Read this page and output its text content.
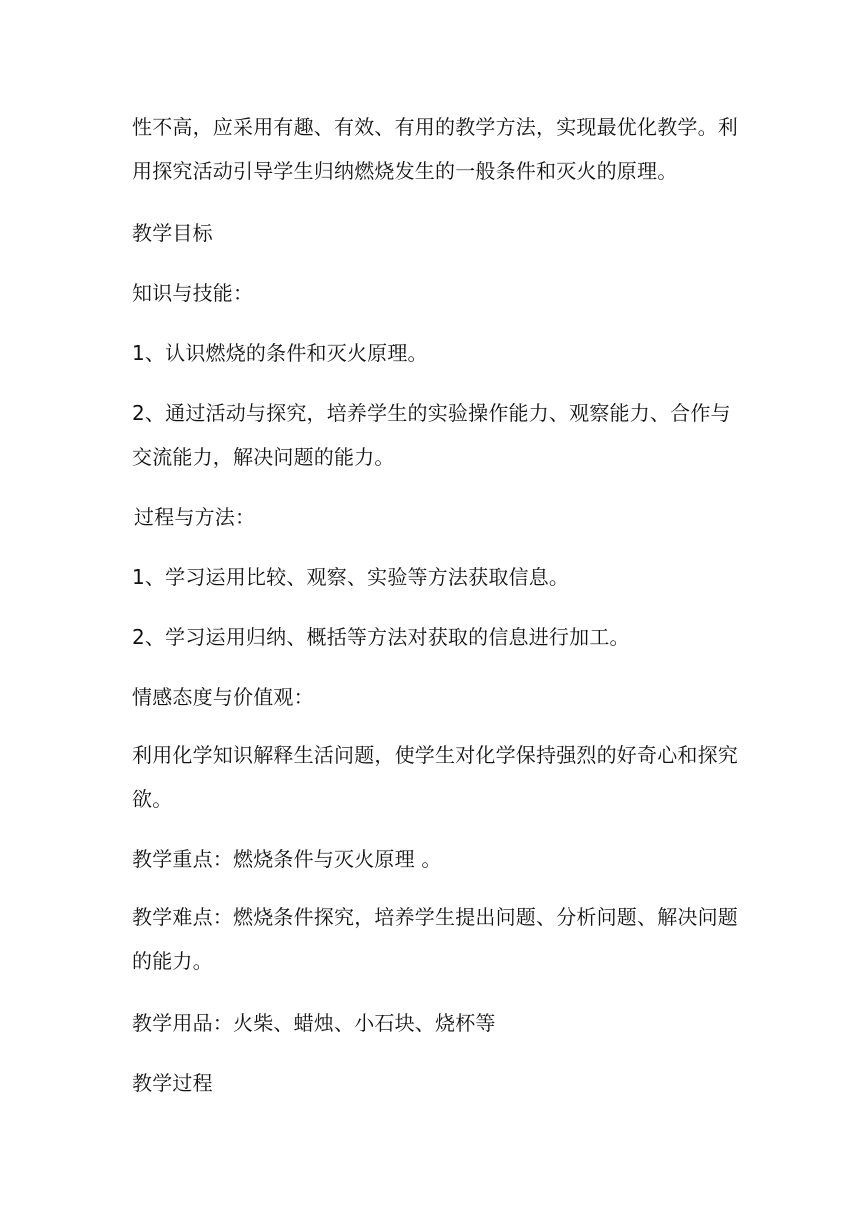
性不高，应采用有趣、有效、有用的教学方法，实现最优化教学。利
用探究活动引导学生归纳燃烧发生的一般条件和灭火的原理。
教学目标
知识与技能：
1、认识燃烧的条件和灭火原理。
2、通过活动与探究，培养学生的实验操作能力、观察能力、合作与
交流能力，解决问题的能力。
过程与方法：
1、学习运用比较、观察、实验等方法获取信息。
2、学习运用归纳、概括等方法对获取的信息进行加工。
情感态度与价值观：
利用化学知识解释生活问题，使学生对化学保持强烈的好奇心和探究
欲。
教学重点：燃烧条件与灭火原理 。
教学难点：燃烧条件探究，培养学生提出问题、分析问题、解决问题
的能力。
教学用品：火柴、蜡烛、小石块、烧杯等
教学过程
